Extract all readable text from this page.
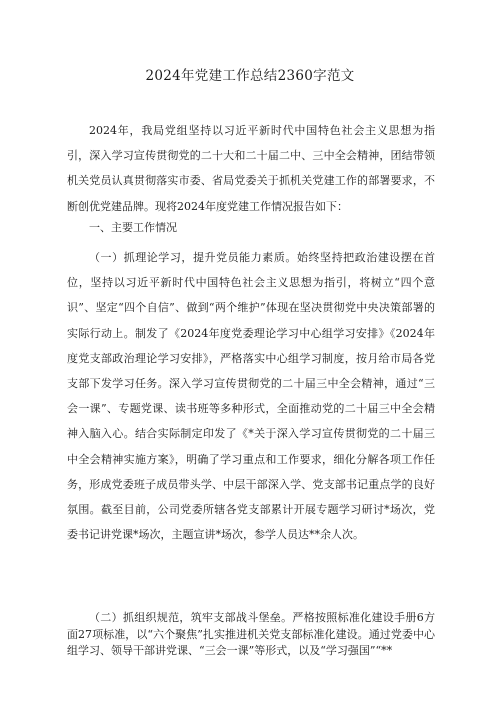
2024年党建工作总结2360字范文

2024年，我局党组坚持以习近平新时代中国特色社会主义思想为指引，深入学习宣传贯彻党的二十大和二十届二中、三中全会精神，团结带领机关党员认真贯彻落实市委、省局党委关于抓机关党建工作的部署要求，不断创优党建品牌。现将2024年度党建工作情况报告如下：

一、主要工作情况

（一）抓理论学习，提升党员能力素质。始终坚持把政治建设摆在首位，坚持以习近平新时代中国特色社会主义思想为指引，将树立“四个意识”、坚定“四个自信”、做到“两个维护”体现在坚决贯彻党中央决策部署的实际行动上。制发了《2024年度党委理论学习中心组学习安排》《2024年度党支部政治理论学习安排》，严格落实中心组学习制度，按月给市局各党支部下发学习任务。深入学习宣传贯彻党的二十届三中全会精神，通过“三会一课”、专题党课、读书班等多种形式，全面推动党的二十届三中全会精神入脑入心。结合实际制定印发了《*关于深入学习宣传贯彻党的二十届三中全会精神实施方案》，明确了学习重点和工作要求，细化分解各项工作任务，形成党委班子成员带头学、中层干部深入学、党支部书记重点学的良好氛围。截至目前，公司党委所辖各党支部累计开展专题学习研讨*场次，党委书记讲党课*场次，主题宣讲*场次，参学人员达**余人次。

（二）抓组织规范，筑牢支部战斗堡垒。严格按照标准化建设手册6方面27项标准，以“六个聚焦”扎实推进机关党支部标准化建设。通过党委中心组学习、领导干部讲党课、“三会一课”等形式，以及“学习强国”“**
